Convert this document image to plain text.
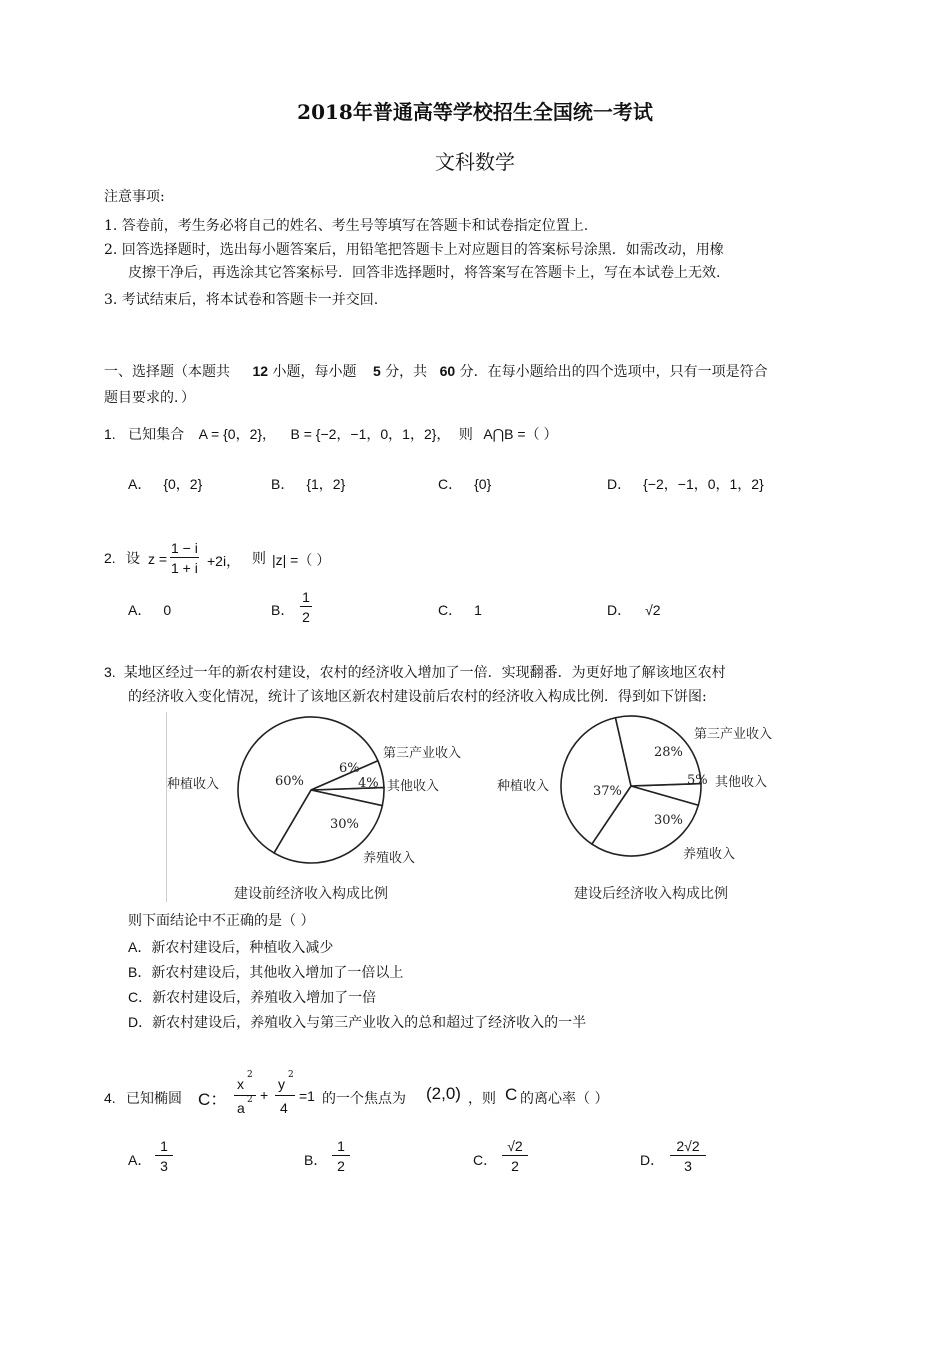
2018年普通高等学校招生全国统一考试
文科数学
注意事项:
1. 答卷前，考生务必将自己的姓名、考生号等填写在答题卡和试卷指定位置上.
2. 回答选择题时，选出每小题答案后，用铅笔把答题卡上对应题目的答案标号涂黑．如需改动，用橡
皮擦干净后，再选涂其它答案标号．回答非选择题时，将答案写在答题卡上，写在本试卷上无效.
3. 考试结束后，将本试卷和答题卡一并交回.
一、选择题（本题共 12 小题，每小题 5 分，共 60 分．在每小题给出的四个选项中，只有一项是符合
题目要求的．）
1. 已知集合 A = {0，2}， B = {−2，−1，0，1，2}， 则 A⋂B =（ ）
A． {0，2}	B． {1，2}	C． {0}	D． {−2，−1，0，1，2}
2. 设 $z = \frac{1 - i}{1 + i} +2i$， 则 |z| =（ ）
A． 0	B．
1
2	C． 1	D． √2
3. 某地区经过一年的新农村建设，农村的经济收入增加了一倍．实现翻番．为更好地了解该地区农村
的经济收入变化情况，统计了该地区新农村建设前后农村的经济收入构成比例．得到如下饼图:
60%
6%
4%
30%
种植收入
第三产业收入
其他收入
养殖收入
建设前经济收入构成比例
37%
28%
5%
30%
种植收入
第三产业收入
其他收入
养殖收入
建设后经济收入构成比例
则下面结论中不正确的是（ ）
A．新农村建设后，种植收入减少
B．新农村建设后，其他收入增加了一倍以上
C．新农村建设后，养殖收入增加了一倍
D．新农村建设后，养殖收入与第三产业收入的总和超过了经济收入的一半
4. 已知椭圆 C：
x
2
a 2 +
y
2
4
=1 的一个焦点为 (2,0) ，则 C 的离心率（ ）
A． $\frac{1}{3}$	B． $\frac{1}{2}$	C． $\frac{√2}{2}$	D． $\frac{2√2}{3}$
